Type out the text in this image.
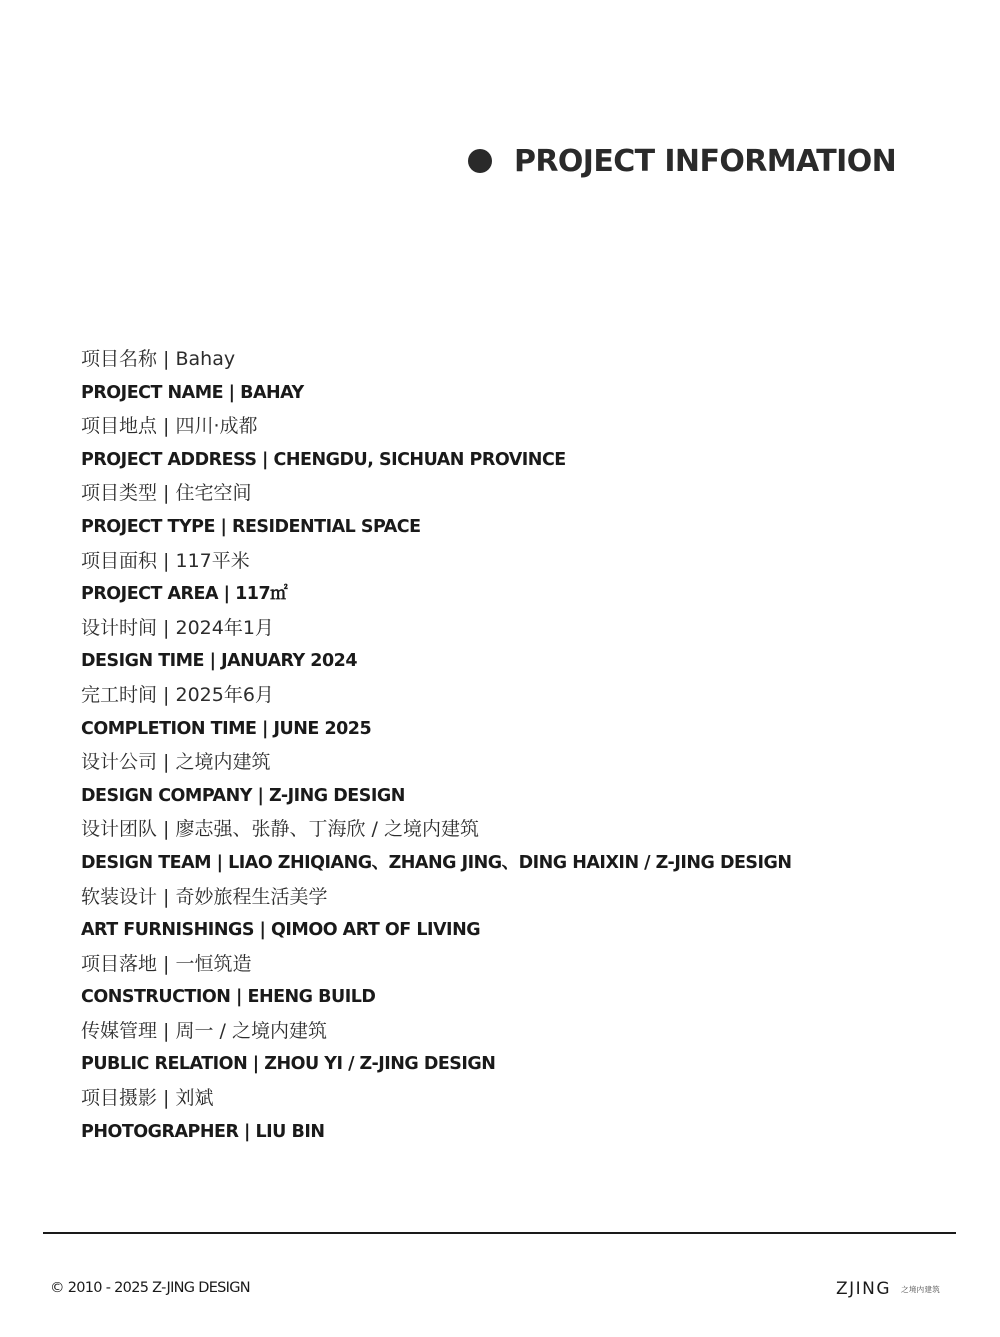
PROJECT INFORMATION
项目名称 | Bahay
PROJECT NAME | BAHAY
项目地点 | 四川·成都
PROJECT ADDRESS | CHENGDU, SICHUAN PROVINCE
项目类型 | 住宅空间
PROJECT TYPE | RESIDENTIAL SPACE
项目面积 | 117平米
PROJECT AREA | 117㎡
设计时间 | 2024年1月
DESIGN TIME | JANUARY 2024
完工时间 | 2025年6月
COMPLETION TIME | JUNE 2025
设计公司 | 之境内建筑
DESIGN COMPANY | Z-JING DESIGN
设计团队 | 廖志强、张静、丁海欣 / 之境内建筑
DESIGN TEAM | LIAO ZHIQIANG、ZHANG JING、DING HAIXIN / Z-JING DESIGN
软装设计 | 奇妙旅程生活美学
ART FURNISHINGS | QIMOO ART OF LIVING
项目落地 | 一恒筑造
CONSTRUCTION | EHENG BUILD
传媒管理 | 周一 / 之境内建筑
PUBLIC RELATION | ZHOU YI / Z-JING DESIGN
项目摄影 | 刘斌
PHOTOGRAPHER | LIU BIN
© 2010 - 2025 Z-JING DESIGN	ZJING 之境内建筑
